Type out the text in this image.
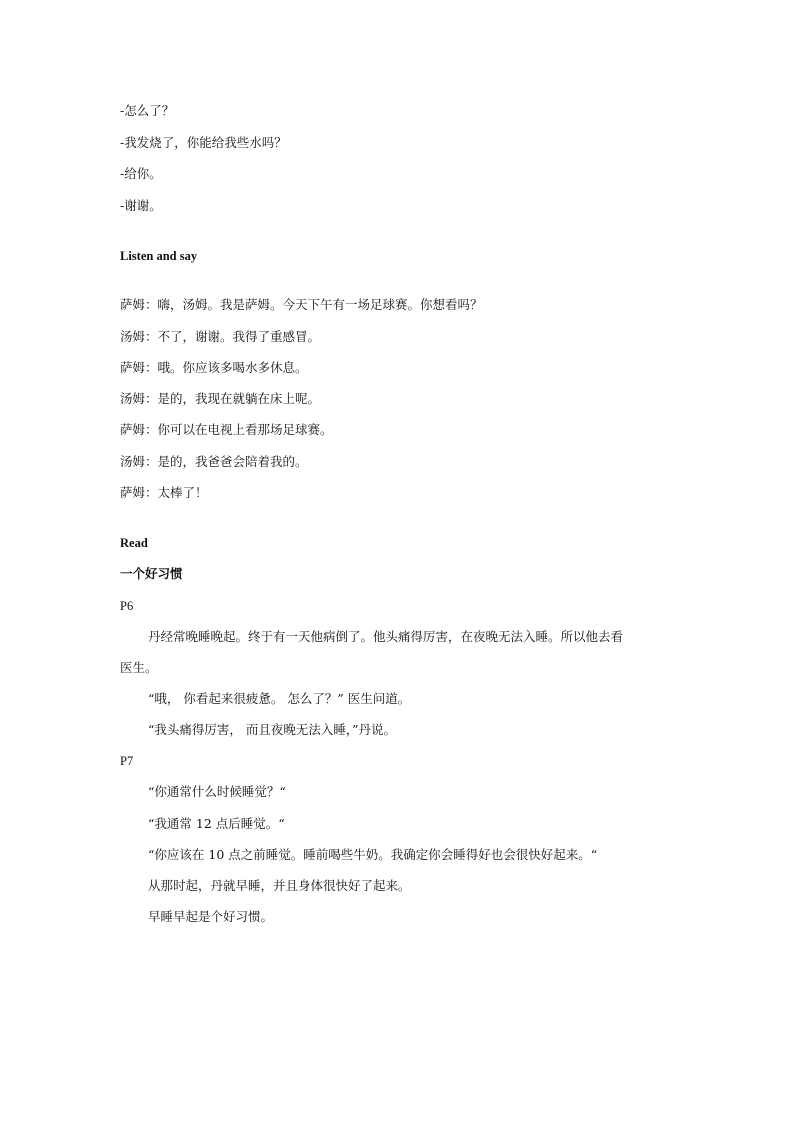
-怎么了？

-我发烧了，你能给我些水吗？

-给你。

-谢谢。

Listen and say

萨姆：嗨，汤姆。我是萨姆。今天下午有一场足球赛。你想看吗？

汤姆：不了，谢谢。我得了重感冒。

萨姆：哦。你应该多喝水多休息。

汤姆：是的，我现在就躺在床上呢。

萨姆：你可以在电视上看那场足球赛。

汤姆：是的，我爸爸会陪着我的。

萨姆：太棒了！

Read

一个好习惯

P6

丹经常晚睡晚起。终于有一天他病倒了。他头痛得厉害，在夜晚无法入睡。所以他去看

医生。

“哦， 你看起来很疲惫。 怎么了？” 医生问道。

“我头痛得厉害， 而且夜晚无法入睡，”丹说。

P7

“你通常什么时候睡觉？“

“我通常 12 点后睡觉。“

“你应该在 10 点之前睡觉。睡前喝些牛奶。我确定你会睡得好也会很快好起来。“

从那时起，丹就早睡，并且身体很快好了起来。

早睡早起是个好习惯。
